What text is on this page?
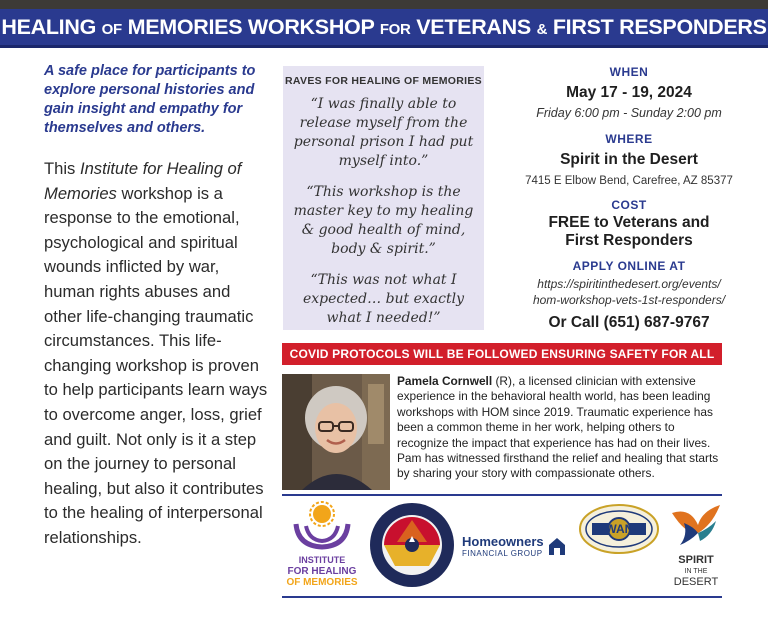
HEALING OF MEMORIES WORKSHOP FOR VETERANS & FIRST RESPONDERS
A safe place for participants to explore personal histories and gain insight and empathy for themselves and others.
This Institute for Healing of Memories workshop is a response to the emotional, psychological and spiritual wounds inflicted by war, human rights abuses and other life-changing traumatic circumstances. This life-changing workshop is proven to help participants learn ways to overcome anger, loss, grief and guilt. Not only is it a step on the journey to personal healing, but also it contributes to the healing of interpersonal relationships.
RAVES FOR HEALING OF MEMORIES
“I was finally able to release myself from the personal prison I had put myself into.”
“This workshop is the master key to my healing & good health of mind, body & spirit.”
“This was not what I expected… but exactly what I needed!”
WHEN
May 17 - 19, 2024
Friday 6:00 pm - Sunday 2:00 pm
WHERE
Spirit in the Desert
7415 E Elbow Bend, Carefree, AZ 85377
COST
FREE to Veterans and
First Responders
APPLY ONLINE AT
https://spiritinthedesert.org/events/
hom-workshop-vets-1st-responders/
Or Call (651) 687-9767
COVID PROTOCOLS WILL BE FOLLOWED ENSURING SAFETY FOR ALL
Pamela Cornwell (R), a licensed clinician with extensive experience in the behavioral health world, has been leading workshops with HOM since 2019. Traumatic experience has been a common theme in her work, helping others to recognize the impact that experience has had on their lives. Pam has witnessed firsthand the relief and healing that starts by sharing your story with compassionate others.
INSTITUTE
FOR HEALING
OF MEMORIES
Homeowners
FINANCIAL GROUP
KIWANIS
SPIRIT
IN THE
DESERT
